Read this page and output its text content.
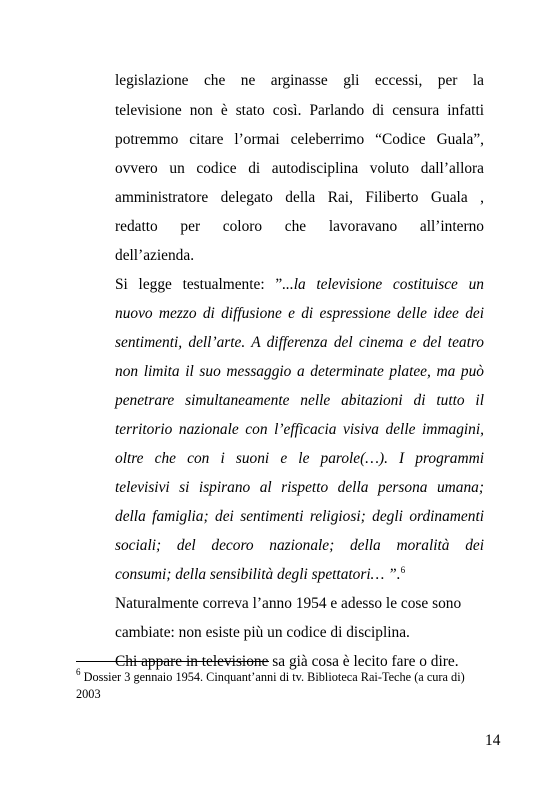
legislazione che ne arginasse gli eccessi, per la
televisione non è stato così. Parlando di censura infatti
potremmo citare l’ormai celeberrimo “Codice Guala”,
ovvero un codice di autodisciplina voluto dall’allora
amministratore delegato della Rai, Filiberto Guala ,
redatto per coloro che lavoravano all’interno
dell’azienda.
Si legge testualmente: ”...la televisione costituisce un
nuovo mezzo di diffusione e di espressione delle idee dei
sentimenti, dell’arte. A differenza del cinema e del teatro
non limita il suo messaggio a determinate platee, ma può
penetrare simultaneamente nelle abitazioni di tutto il
territorio nazionale con l’efficacia visiva delle immagini,
oltre che con i suoni e le parole(…). I programmi
televisivi si ispirano al rispetto della persona umana;
della famiglia; dei sentimenti religiosi; degli ordinamenti
sociali; del decoro nazionale; della moralità dei
consumi; della sensibilità degli spettatori… ”.$^6$
Naturalmente correva l’anno 1954 e adesso le cose sono
cambiate: non esiste più un codice di disciplina.
Chi appare in televisione sa già cosa è lecito fare o dire.
$^6$ Dossier 3 gennaio 1954. Cinquant’anni di tv. Biblioteca Rai-Teche (a cura di)
2003
14
